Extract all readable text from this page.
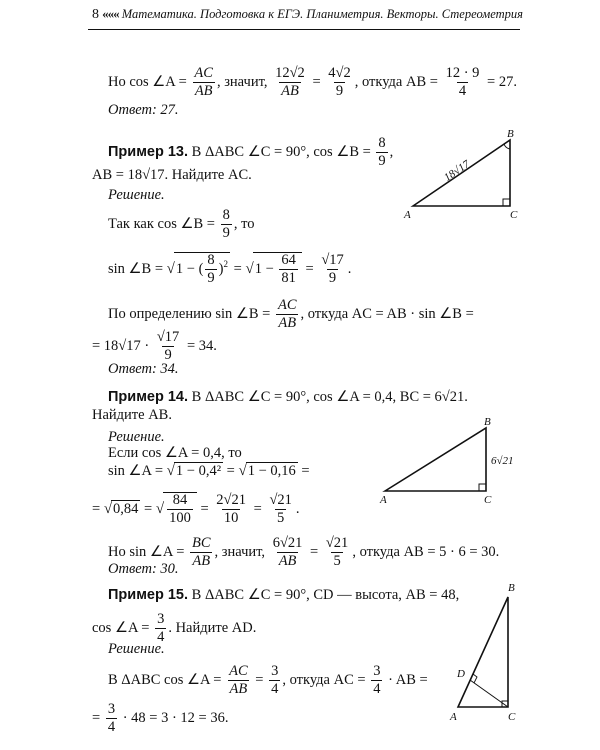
8 ««« Математика. Подготовка к ЕГЭ. Планиметрия. Векторы. Стереометрия
Но cos ∠A = $\frac{AC}{AB}$ , значит, $\frac{12√2}{AB} = \frac{4√2}{9}$ , откуда AB = $\frac{12 \cdot 9}{4} = 27$.
Ответ: 27.
Пример 13. В ΔABC ∠C = 90°, cos ∠B = $\frac{8}{9}$ ,
AB = 18√17. Найдите AC.
Решение.
Так как cos ∠B = $\frac{8}{9}$ , то
sin ∠B = √1 − ( $\frac{8}{9} )^2 = √1 - \frac{64}{81} = \frac{√17}{9}$ .
По определению sin ∠B = $\frac{AC}{AB}$ , откуда AC = AB · sin ∠B =
= $18√17 \cdot \frac{√17}{9} = 34$.
Ответ: 34.
A
B
C
18√17
Пример 14. В ΔABC ∠C = 90°, cos ∠A = 0,4, BC = 6√21.
Найдите AB.
Решение.
Если cos ∠A = 0,4, то
sin ∠A = √1 − 0,4² = √1 − 0,16 =
= √0,84 = √ $\frac{84}{100} = \frac{2√21}{10} = \frac{√21}{5}$ .
Но sin ∠A = $\frac{BC}{AB}$ , значит, $\frac{6√21}{AB} = \frac{√21}{5}$ , откуда AB = 5 · 6 = 30.
Ответ: 30.
A
B
C
6√21
Пример 15. В ΔABC ∠C = 90°, CD — высота, AB = 48,
cos ∠A = $\frac{3}{4}$ . Найдите AD.
Решение.
В ΔABC cos ∠A = $\frac{AC}{AB} = \frac{3}{4}$ , откуда AC = $\frac{3}{4}$ · AB =
= $\frac{3}{4} \cdot 48 = 3 \cdot 12 = 36$.	A
B
C
D
